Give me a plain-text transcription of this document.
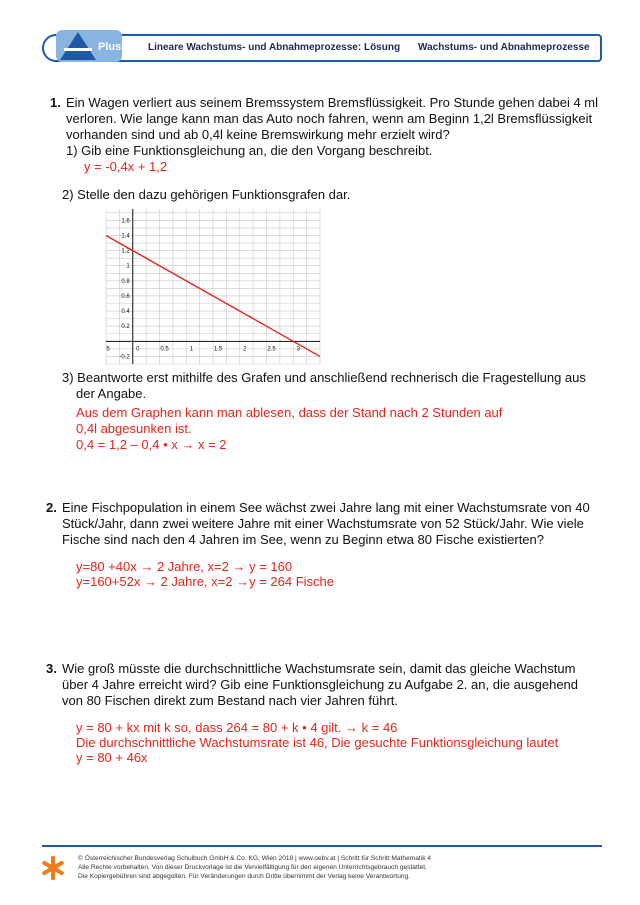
Plus	Lineare Wachstums- und Abnahmeprozesse: Lösung Wachstums- und Abnahmeprozesse
1. Ein Wagen verliert aus seinem Bremssystem Bremsflüssigkeit. Pro Stunde gehen dabei 4 ml
verloren. Wie lange kann man das Auto noch fahren, wenn am Beginn 1,2l Bremsflüssigkeit
vorhanden sind und ab 0,4l keine Bremswirkung mehr erzielt wird?
1) Gib eine Funktionsgleichung an, die den Vorgang beschreibt.
y = -0,4x + 1,2
2) Stelle den dazu gehörigen Funktionsgrafen dar.
5	0	0.5	1	1.5	2	2.5	3
1.6
1.4
1.2
1
0.8
0.6
0.4
0.2
-0.2
3) Beantworte erst mithilfe des Grafen und anschließend rechnerisch die Fragestellung aus
der Angabe.
Aus dem Graphen kann man ablesen, dass der Stand nach 2 Stunden auf
0,4l abgesunken ist.
0,4 = 1,2 – 0,4 • x → x = 2
2. Eine Fischpopulation in einem See wächst zwei Jahre lang mit einer Wachstumsrate von 40
Stück/Jahr, dann zwei weitere Jahre mit einer Wachstumsrate von 52 Stück/Jahr. Wie viele
Fische sind nach den 4 Jahren im See, wenn zu Beginn etwa 80 Fische existierten?
y=80 +40x → 2 Jahre, x=2 → y = 160
y=160+52x → 2 Jahre, x=2 →y = 264 Fische
3. Wie groß müsste die durchschnittliche Wachstumsrate sein, damit das gleiche Wachstum
über 4 Jahre erreicht wird? Gib eine Funktionsgleichung zu Aufgabe 2. an, die ausgehend
von 80 Fischen direkt zum Bestand nach vier Jahren führt.
y = 80 + kx mit k so, dass 264 = 80 + k • 4 gilt. → k = 46
Die durchschnittliche Wachstumsrate ist 46, Die gesuchte Funktionsgleichung lautet
y = 80 + 46x
© Österreichischer Bundesverlag Schulbuch GmbH & Co. KG, Wien 2018 | www.oebv.at | Schritt für Schritt Mathematik 4
Alle Rechte vorbehalten. Von dieser Druckvorlage ist die Vervielfältigung für den eigenen Unterrichtsgebrauch gestattet.
Die Kopiergebühren sind abgegolten. Für Veränderungen durch Dritte übernimmt der Verlag keine Verantwortung.
